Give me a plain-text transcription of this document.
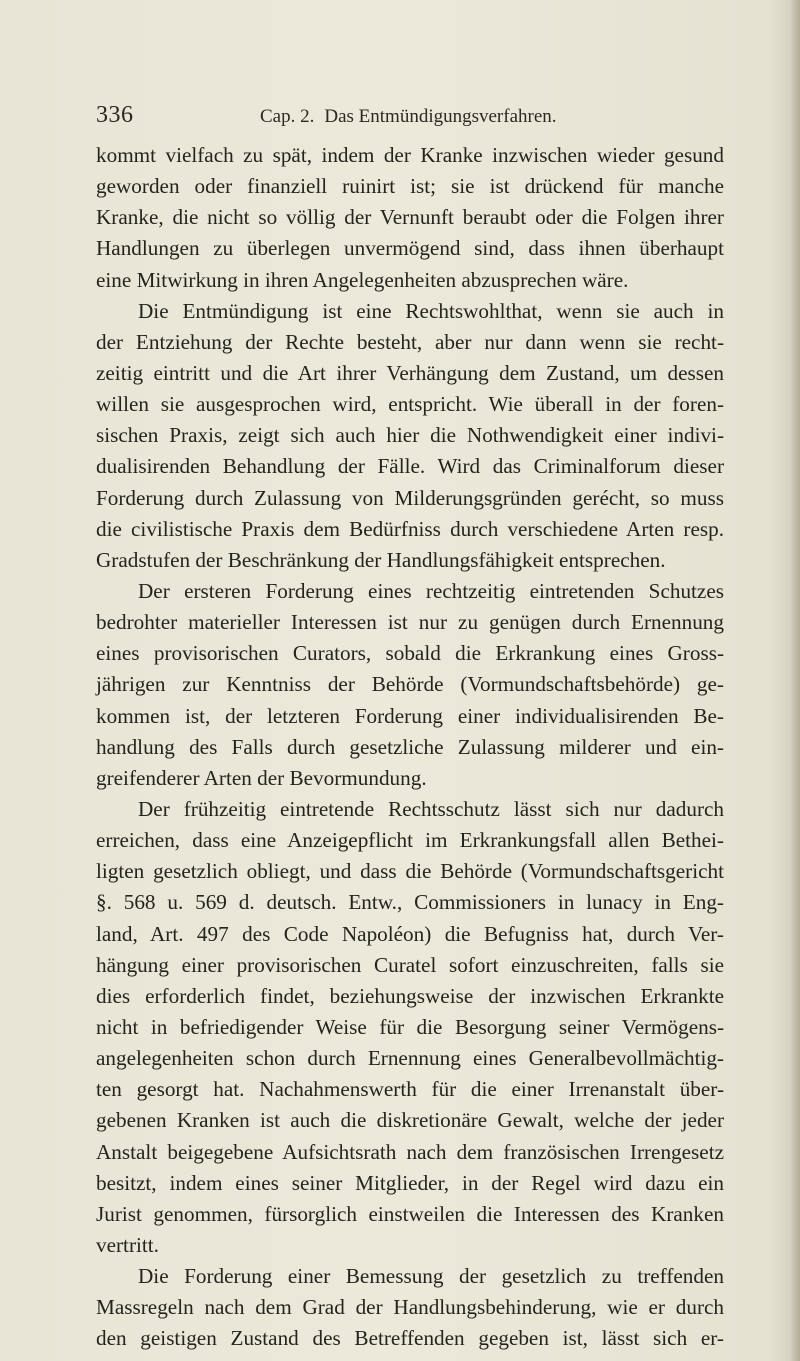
336	Cap. 2. Das Entmündigungsverfahren.
kommt vielfach zu spät, indem der Kranke inzwischen wieder gesund
geworden oder finanziell ruinirt ist; sie ist drückend für manche
Kranke, die nicht so völlig der Vernunft beraubt oder die Folgen ihrer
Handlungen zu überlegen unvermögend sind, dass ihnen überhaupt
eine Mitwirkung in ihren Angelegenheiten abzusprechen wäre.
Die Entmündigung ist eine Rechtswohlthat, wenn sie auch in
der Entziehung der Rechte besteht, aber nur dann wenn sie recht-
zeitig eintritt und die Art ihrer Verhängung dem Zustand, um dessen
willen sie ausgesprochen wird, entspricht. Wie überall in der foren-
sischen Praxis, zeigt sich auch hier die Nothwendigkeit einer indivi-
dualisirenden Behandlung der Fälle. Wird das Criminalforum dieser
Forderung durch Zulassung von Milderungsgründen gerécht, so muss
die civilistische Praxis dem Bedürfniss durch verschiedene Arten resp.
Gradstufen der Beschränkung der Handlungsfähigkeit entsprechen.
Der ersteren Forderung eines rechtzeitig eintretenden Schutzes
bedrohter materieller Interessen ist nur zu genügen durch Ernennung
eines provisorischen Curators, sobald die Erkrankung eines Gross-
jährigen zur Kenntniss der Behörde (Vormundschaftsbehörde) ge-
kommen ist, der letzteren Forderung einer individualisirenden Be-
handlung des Falls durch gesetzliche Zulassung milderer und ein-
greifenderer Arten der Bevormundung.
Der frühzeitig eintretende Rechtsschutz lässt sich nur dadurch
erreichen, dass eine Anzeigepflicht im Erkrankungsfall allen Bethei-
ligten gesetzlich obliegt, und dass die Behörde (Vormundschaftsgericht
§. 568 u. 569 d. deutsch. Entw., Commissioners in lunacy in Eng-
land, Art. 497 des Code Napoléon) die Befugniss hat, durch Ver-
hängung einer provisorischen Curatel sofort einzuschreiten, falls sie
dies erforderlich findet, beziehungsweise der inzwischen Erkrankte
nicht in befriedigender Weise für die Besorgung seiner Vermögens-
angelegenheiten schon durch Ernennung eines Generalbevollmächtig-
ten gesorgt hat. Nachahmenswerth für die einer Irrenanstalt über-
gebenen Kranken ist auch die diskretionäre Gewalt, welche der jeder
Anstalt beigegebene Aufsichtsrath nach dem französischen Irrengesetz
besitzt, indem eines seiner Mitglieder, in der Regel wird dazu ein
Jurist genommen, fürsorglich einstweilen die Interessen des Kranken
vertritt.
Die Forderung einer Bemessung der gesetzlich zu treffenden
Massregeln nach dem Grad der Handlungsbehinderung, wie er durch
den geistigen Zustand des Betreffenden gegeben ist, lässt sich er-
